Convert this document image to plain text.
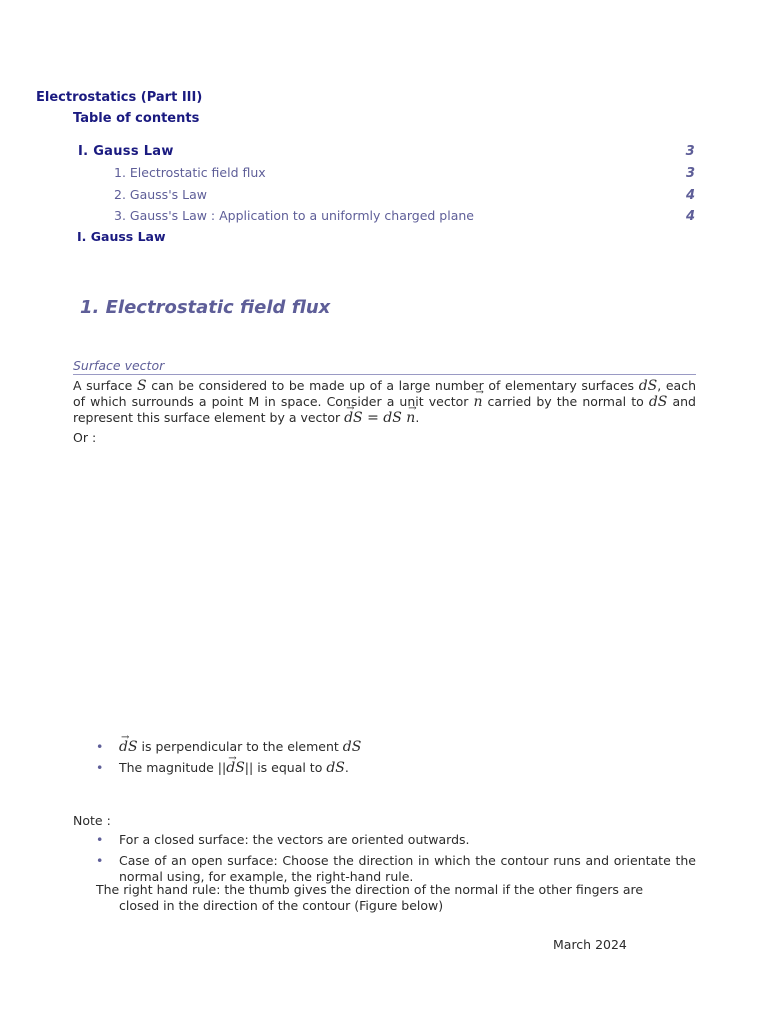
Electrostatics (Part III)
Table of contents
I. Gauss Law	3
1. Electrostatic field flux	3
2. Gauss's Law	4
3. Gauss's Law : Application to a uniformly charged plane	4
I. Gauss Law
1. Electrostatic field flux
Surface vector
A surface S can be considered to be made up of a large number of elementary surfaces dS, each of which surrounds a point M in space. Consider a unit vector → n carried by the normal to dS and represent this surface element by a vector → dS = dS → n.
Or :
• → dS is perpendicular to the element dS
• The magnitude ||→ dS|| is equal to dS.
Note :
• For a closed surface: the vectors are oriented outwards.
• Case of an open surface: Choose the direction in which the contour runs and orientate the normal using, for example, the right-hand rule.
The right hand rule: the thumb gives the direction of the normal if the other fingers are
closed in the direction of the contour (Figure below)
March 2024
